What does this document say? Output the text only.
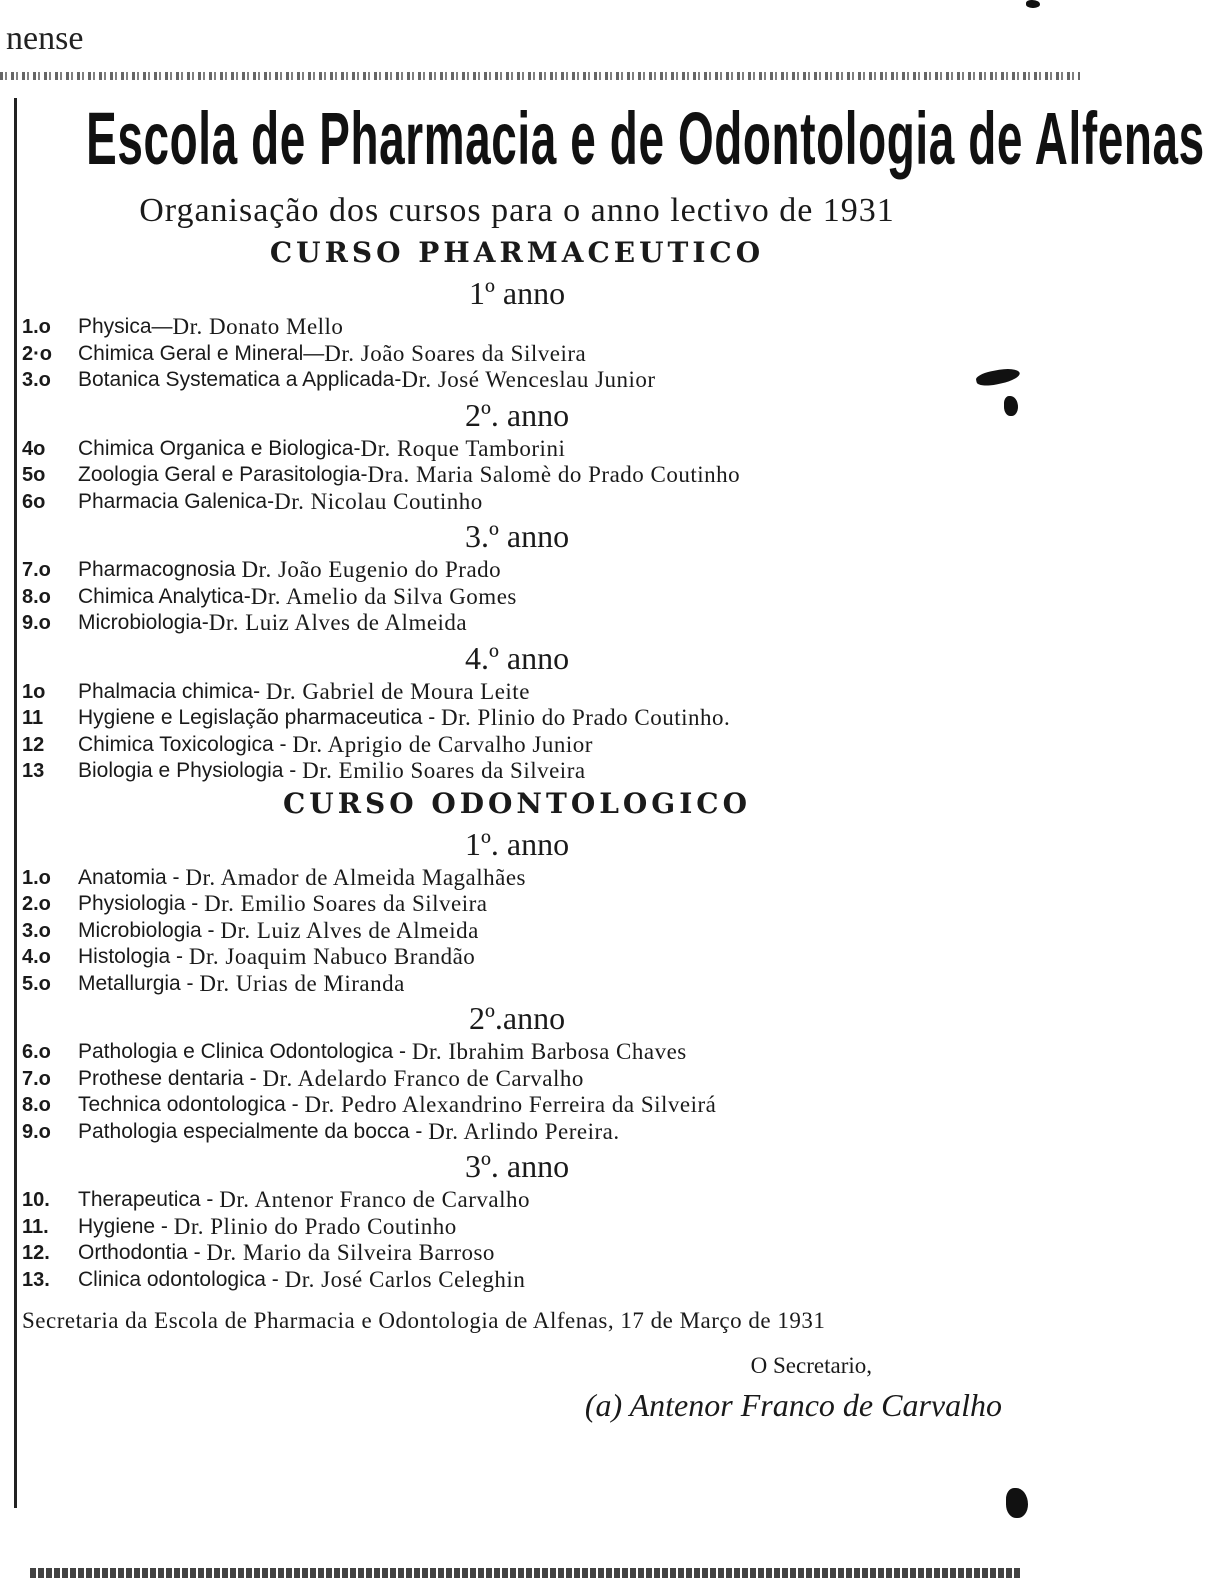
nense
Escola de Pharmacia e de Odontologia de Alfenas
Organisação dos cursos para o anno lectivo de 1931
CURSO PHARMACEUTICO
1º anno
1.o	Physica— Dr. Donato Mello
2·o	Chimica Geral e Mineral— Dr. João Soares da Silveira
3.o	Botanica Systematica a Applicada- Dr. José Wenceslau Junior
2º. anno
4o	Chimica Organica e Biologica- Dr. Roque Tamborini
5o	Zoologia Geral e Parasitologia- Dra. Maria Salomè do Prado Coutinho
6o	Pharmacia Galenica- Dr. Nicolau Coutinho
3.º anno
7.o	Pharmacognosia Dr. João Eugenio do Prado
8.o	Chimica Analytica- Dr. Amelio da Silva Gomes
9.o	Microbiologia- Dr. Luiz Alves de Almeida
4.º anno
1o	Phalmacia chimica- Dr. Gabriel de Moura Leite
11	Hygiene e Legislação pharmaceutica - Dr. Plinio do Prado Coutinho.
12	Chimica Toxicologica - Dr. Aprigio de Carvalho Junior
13	Biologia e Physiologia - Dr. Emilio Soares da Silveira
CURSO ODONTOLOGICO
1º. anno
1.o	Anatomia - Dr. Amador de Almeida Magalhães
2.o	Physiologia - Dr. Emilio Soares da Silveira
3.o	Microbiologia - Dr. Luiz Alves de Almeida
4.o	Histologia - Dr. Joaquim Nabuco Brandão
5.o	Metallurgia - Dr. Urias de Miranda
2º.anno
6.o	Pathologia e Clinica Odontologica - Dr. Ibrahim Barbosa Chaves
7.o	Prothese dentaria - Dr. Adelardo Franco de Carvalho
8.o	Technica odontologica - Dr. Pedro Alexandrino Ferreira da Silveirá
9.o	Pathologia especialmente da bocca - Dr. Arlindo Pereira.
3º. anno
10.	Therapeutica - Dr. Antenor Franco de Carvalho
11.	Hygiene - Dr. Plinio do Prado Coutinho
12.	Orthodontia - Dr. Mario da Silveira Barroso
13.	Clinica odontologica - Dr. José Carlos Celeghin
Secretaria da Escola de Pharmacia e Odontologia de Alfenas, 17 de Março de 1931
O Secretario,
(a) Antenor Franco de Carvalho
